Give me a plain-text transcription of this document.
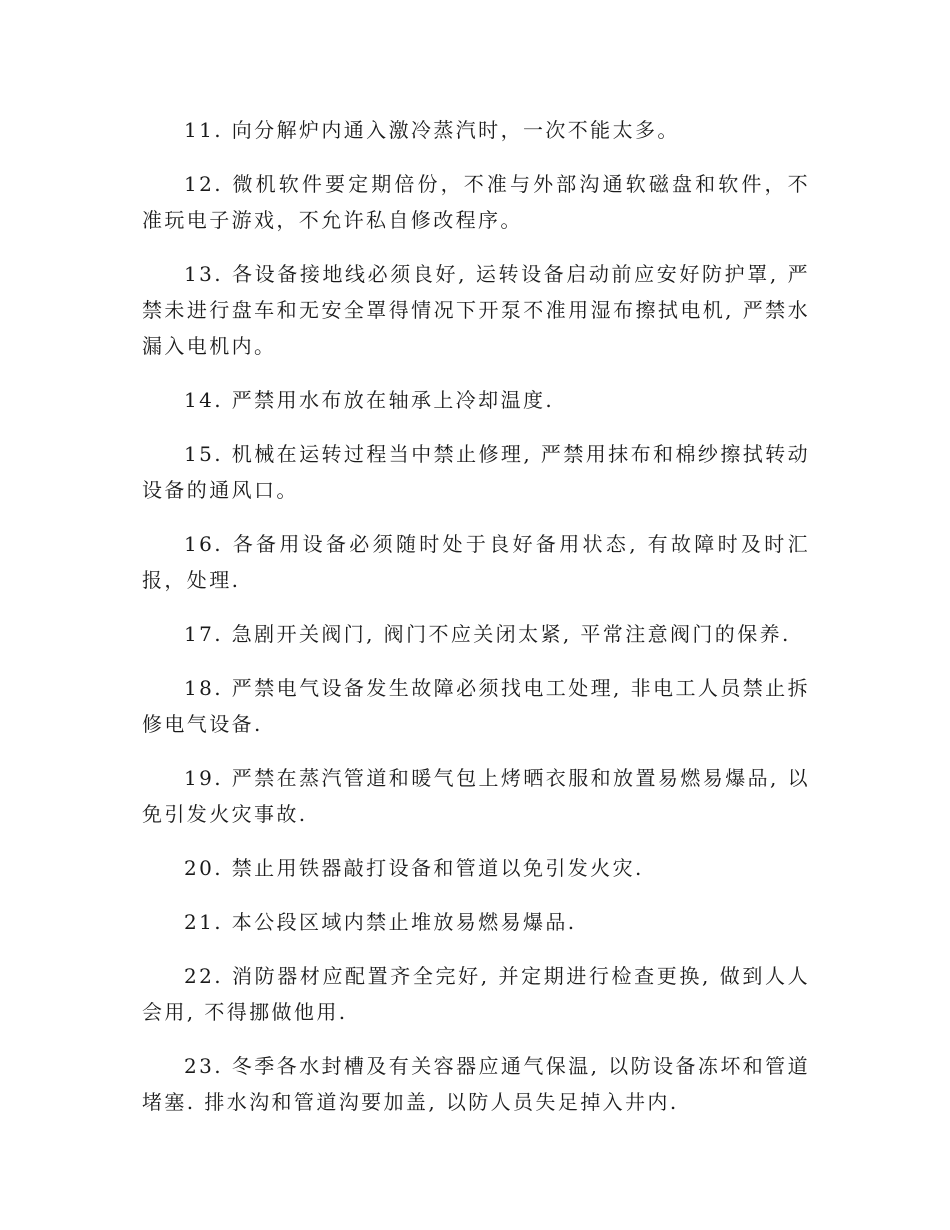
11. 向分解炉内通入激冷蒸汽时，一次不能太多。

12. 微机软件要定期倍份，不准与外部沟通软磁盘和软件，不准玩电子游戏，不允许私自修改程序。

13. 各设备接地线必须良好, 运转设备启动前应安好防护罩, 严禁未进行盘车和无安全罩得情况下开泵不准用湿布擦拭电机, 严禁水漏入电机内。

14. 严禁用水布放在轴承上冷却温度.

15. 机械在运转过程当中禁止修理, 严禁用抹布和棉纱擦拭转动设备的通风口。

16. 各备用设备必须随时处于良好备用状态, 有故障时及时汇报，处理.

17. 急剧开关阀门, 阀门不应关闭太紧, 平常注意阀门的保养.

18. 严禁电气设备发生故障必须找电工处理, 非电工人员禁止拆修电气设备.

19. 严禁在蒸汽管道和暖气包上烤晒衣服和放置易燃易爆品, 以免引发火灾事故.

20. 禁止用铁器敲打设备和管道以免引发火灾.

21. 本公段区域内禁止堆放易燃易爆品.

22. 消防器材应配置齐全完好, 并定期进行检查更换, 做到人人会用, 不得挪做他用.

23. 冬季各水封槽及有关容器应通气保温, 以防设备冻坏和管道堵塞. 排水沟和管道沟要加盖, 以防人员失足掉入井内.
